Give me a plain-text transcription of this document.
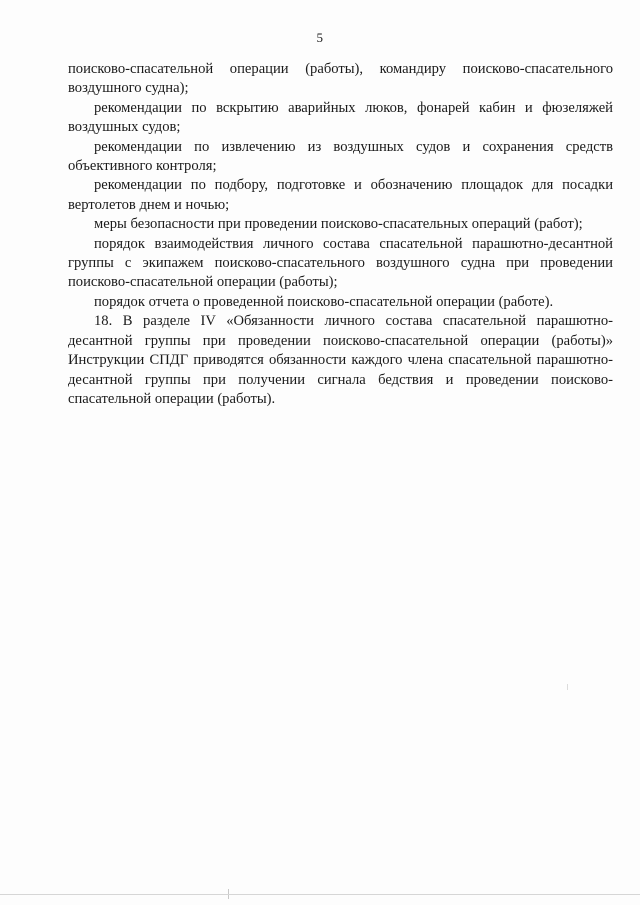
5

поисково-спасательной операции (работы), командиру поисково-спасательного воздушного судна);

рекомендации по вскрытию аварийных люков, фонарей кабин и фюзеляжей воздушных судов;

рекомендации по извлечению из воздушных судов и сохранения средств объективного контроля;

рекомендации по подбору, подготовке и обозначению площадок для посадки вертолетов днем и ночью;

меры безопасности при проведении поисково-спасательных операций (работ);

порядок взаимодействия личного состава спасательной парашютно-десантной группы с экипажем поисково-спасательного воздушного судна при проведении поисково-спасательной операции (работы);

порядок отчета о проведенной поисково-спасательной операции (работе).

18. В разделе IV «Обязанности личного состава спасательной парашютно-десантной группы при проведении поисково-спасательной операции (работы)» Инструкции СПДГ приводятся обязанности каждого члена спасательной парашютно-десантной группы при получении сигнала бедствия и проведении поисково-спасательной операции (работы).
